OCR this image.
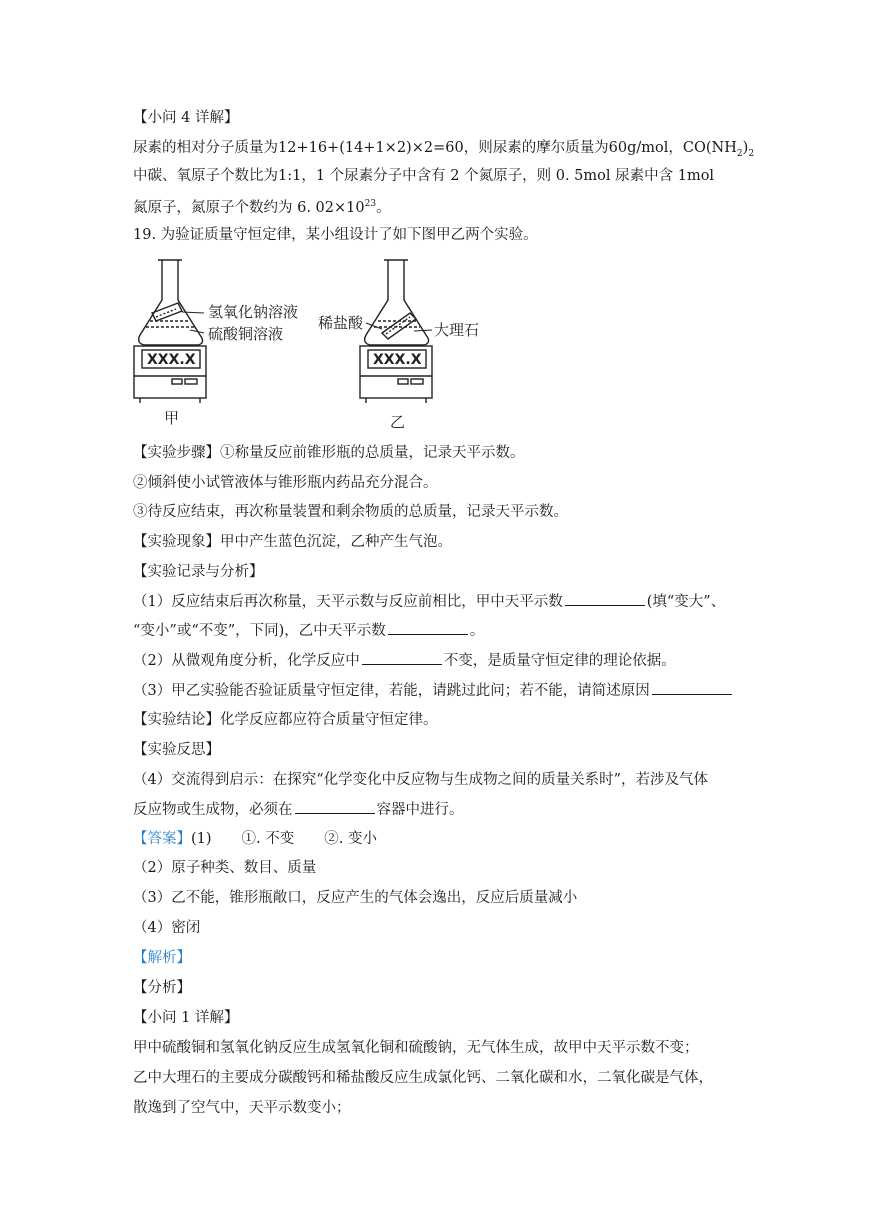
【小问 4 详解】
尿素的相对分子质量为12+16+(14+1×2)×2=60，则尿素的摩尔质量为60g/mol，$CO(NH_2)_2$
中碳、氧原子个数比为1:1，1 个尿素分子中含有 2 个氮原子，则 0. 5mol 尿素中含 1mol
氮原子，氮原子个数约为 6. $02\times 10^{23}$。
19. 为验证质量守恒定律，某小组设计了如下图甲乙两个实验。
氢氧化钠溶液
硫酸铜溶液
XXX.X
甲
稀盐酸	大理石
XXX.X
乙
【实验步骤】①称量反应前锥形瓶的总质量，记录天平示数。
②倾斜使小试管液体与锥形瓶内药品充分混合。
③待反应结束，再次称量装置和剩余物质的总质量，记录天平示数。
【实验现象】甲中产生蓝色沉淀，乙种产生气泡。
【实验记录与分析】
（1）反应结束后再次称量，天平示数与反应前相比，甲中天平示数	(填“变大”、
“变小”或“不变”，下同)，乙中天平示数	。
（2）从微观角度分析，化学反应中	不变，是质量守恒定律的理论依据。
（3）甲乙实验能否验证质量守恒定律，若能，请跳过此问；若不能，请简述原因
【实验结论】化学反应都应符合质量守恒定律。
【实验反思】
（4）交流得到启示：在探究“化学变化中反应物与生成物之间的质量关系时”，若涉及气体
反应物或生成物，必须在	容器中进行。
【答案】(1) ①. 不变 ②. 变小
（2）原子种类、数目、质量
（3）乙不能，锥形瓶敞口，反应产生的气体会逸出，反应后质量减小
（4）密闭
【解析】
【分析】
【小问 1 详解】
甲中硫酸铜和氢氧化钠反应生成氢氧化铜和硫酸钠，无气体生成，故甲中天平示数不变；
乙中大理石的主要成分碳酸钙和稀盐酸反应生成氯化钙、二氧化碳和水，二氧化碳是气体，
散逸到了空气中，天平示数变小；
